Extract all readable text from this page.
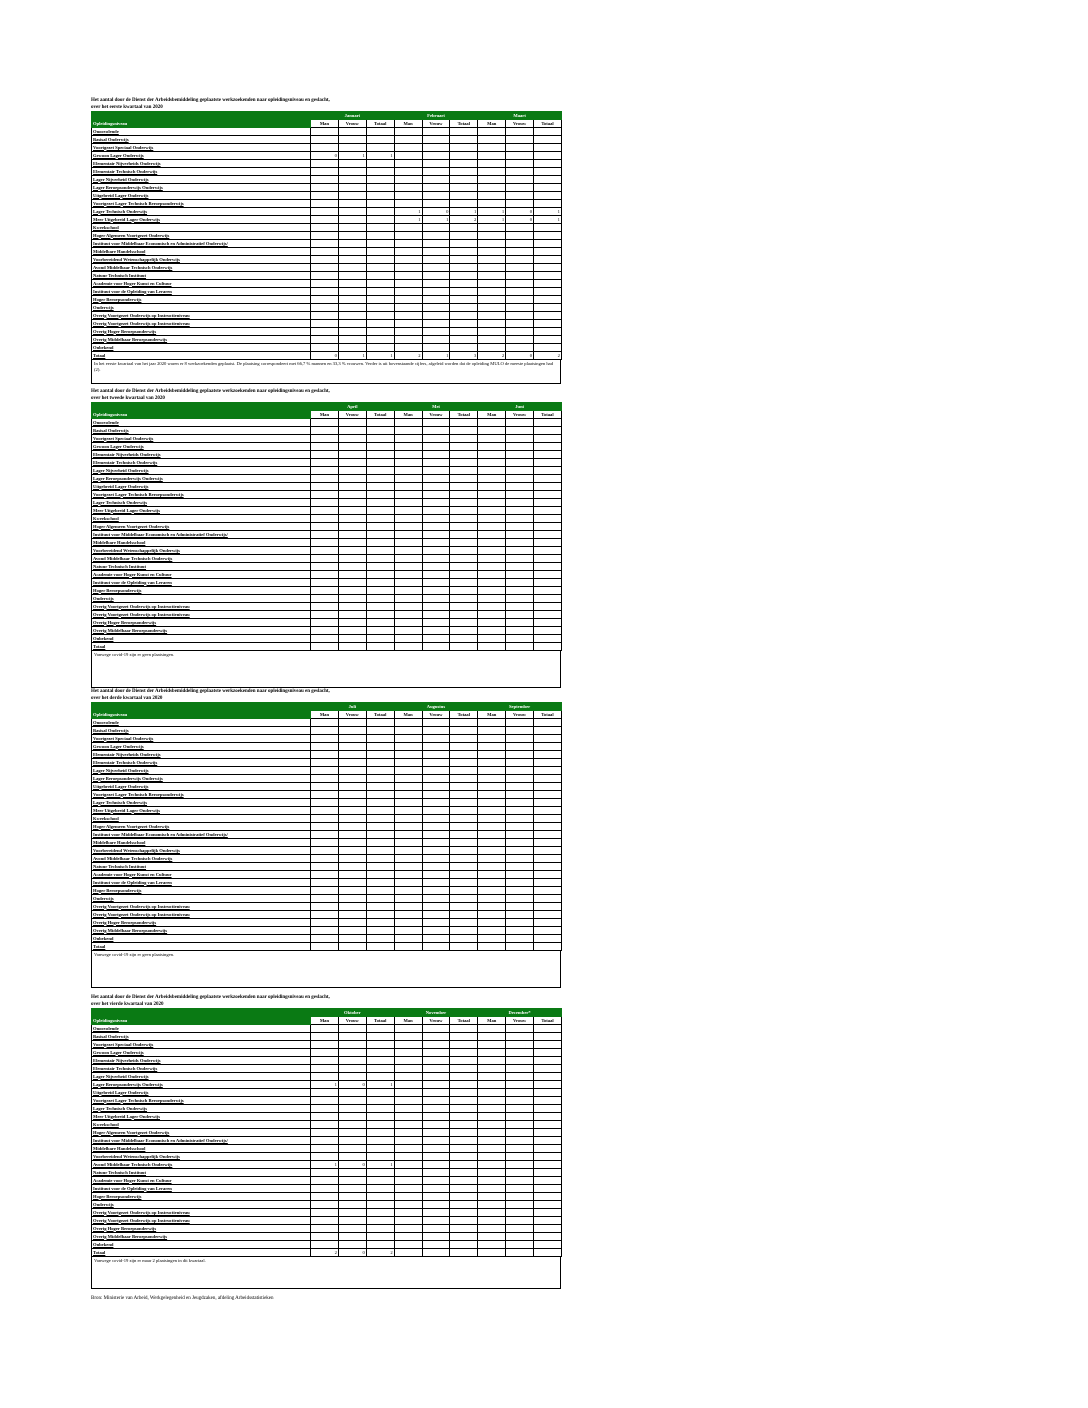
Het aantal door de Dienst der Arbeidsbemiddeling geplaatste werkzoekenden naar opleidingsniveau en geslacht,
over het eerste kwartaal van 2020
	Januari			Februari			Maart		
Opleidingsniveau	Man	Vrouw	Totaal	Man	Vrouw	Totaal	Man	Vrouw	Totaal
Onoovolende									
Basisal Onderwijs									
Voortgezet Speciaal Onderwijs									
Gewoon Lager Onderwijs	0	1	1						
Elementair Nijverheids Onderwijs									
Elementair Technisch Onderwijs									
Lager Nijverheid Onderwijs									
Lager Beroepsonderwijs Onderwijs									
Uitgebreid Lager Onderwijs									
Voortgezet Lager Technisch Beroepsonderwijs									
Lager Technisch Onderwijs				1	0	1	1	0	1
Meer Uitgebreid Lager Onderwijs				1	1	2	1	0	1
Kweekschool									
Hoger Algemeen Voortgezet Onderwijs									
Instituut voor Middelbaar Economisch en Administratief Onderwijs/									
Middelbare Handelsschool									
Voorbereidend Wetenschappelijk Onderwijs									
Avond Middelbaar Technisch Onderwijs									
Natuur Technisch Instituut									
Academie voor Hoger Kunst en Cultuur									
Instituut voor de Opleiding van Leraren									
Hoger Beroepsonderwijs									
Onderwijs									
Overig Voortgezet Onderwijs op Instructieniveau									
Overig Voortgezet Onderwijs op Instructieniveau									
Overig Hoger Beroepsonderwijs									
Overig Middelbaar Beroepsonderwijs									
Onbekend									
Totaal	0	1	1	2	1	3	2	0	2
In het eerste kwartaal van het jaar 2020 waren er 8 werkzoekenden geplaatst. De plaatsing correspondeert met 66,7 % mannen en 33,3 % vrouwen. Verder is uit bovenstaande cijfers, afgeleid worden dat de opleiding MULO de meeste plaatsingen had (2).
Het aantal door de Dienst der Arbeidsbemiddeling geplaatste werkzoekenden naar opleidingsniveau en geslacht,
over het tweede kwartaal van 2020
	April			Mei			Juni		
Opleidingsniveau	Man	Vrouw	Totaal	Man	Vrouw	Totaal	Man	Vrouw	Totaal
Onoovolende									
Basisal Onderwijs									
Voortgezet Speciaal Onderwijs									
Gewoon Lager Onderwijs									
Elementair Nijverheids Onderwijs									
Elementair Technisch Onderwijs									
Lager Nijverheid Onderwijs									
Lager Beroepsonderwijs Onderwijs									
Uitgebreid Lager Onderwijs									
Voortgezet Lager Technisch Beroepsonderwijs									
Lager Technisch Onderwijs									
Meer Uitgebreid Lager Onderwijs									
Kweekschool									
Hoger Algemeen Voortgezet Onderwijs									
Instituut voor Middelbaar Economisch en Administratief Onderwijs/									
Middelbare Handelsschool									
Voorbereidend Wetenschappelijk Onderwijs									
Avond Middelbaar Technisch Onderwijs									
Natuur Technisch Instituut									
Academie voor Hoger Kunst en Cultuur									
Instituut voor de Opleiding van Leraren									
Hoger Beroepsonderwijs									
Onderwijs									
Overig Voortgezet Onderwijs op Instructieniveau									
Overig Voortgezet Onderwijs op Instructieniveau									
Overig Hoger Beroepsonderwijs									
Overig Middelbaar Beroepsonderwijs									
Onbekend									
Totaal									
Vanwege covid-19 zijn er geen plaatsingen.
Het aantal door de Dienst der Arbeidsbemiddeling geplaatste werkzoekenden naar opleidingsniveau en geslacht,
over het derde kwartaal van 2020
	Juli			Augustus			September		
Opleidingsniveau	Man	Vrouw	Totaal	Man	Vrouw	Totaal	Man	Vrouw	Totaal
Onoovolende									
Basisal Onderwijs									
Voortgezet Speciaal Onderwijs									
Gewoon Lager Onderwijs									
Elementair Nijverheids Onderwijs									
Elementair Technisch Onderwijs									
Lager Nijverheid Onderwijs									
Lager Beroepsonderwijs Onderwijs									
Uitgebreid Lager Onderwijs									
Voortgezet Lager Technisch Beroepsonderwijs									
Lager Technisch Onderwijs									
Meer Uitgebreid Lager Onderwijs									
Kweekschool									
Hoger Algemeen Voortgezet Onderwijs									
Instituut voor Middelbaar Economisch en Administratief Onderwijs/									
Middelbare Handelsschool									
Voorbereidend Wetenschappelijk Onderwijs									
Avond Middelbaar Technisch Onderwijs									
Natuur Technisch Instituut									
Academie voor Hoger Kunst en Cultuur									
Instituut voor de Opleiding van Leraren									
Hoger Beroepsonderwijs									
Onderwijs									
Overig Voortgezet Onderwijs op Instructieniveau									
Overig Voortgezet Onderwijs op Instructieniveau									
Overig Hoger Beroepsonderwijs									
Overig Middelbaar Beroepsonderwijs									
Onbekend									
Totaal									
Vanwege covid-19 zijn er geen plaatsingen.
Het aantal door de Dienst der Arbeidsbemiddeling geplaatste werkzoekenden naar opleidingsniveau en geslacht,
over het vierde kwartaal van 2020
	Oktober			November			December*		
Opleidingsniveau	Man	Vrouw	Totaal	Man	Vrouw	Totaal	Man	Vrouw	Totaal
Onoovolende									
Basisal Onderwijs									
Voortgezet Speciaal Onderwijs									
Gewoon Lager Onderwijs									
Elementair Nijverheids Onderwijs									
Elementair Technisch Onderwijs									
Lager Nijverheid Onderwijs									
Lager Beroepsonderwijs Onderwijs	1	0	1						
Uitgebreid Lager Onderwijs									
Voortgezet Lager Technisch Beroepsonderwijs									
Lager Technisch Onderwijs									
Meer Uitgebreid Lager Onderwijs									
Kweekschool									
Hoger Algemeen Voortgezet Onderwijs									
Instituut voor Middelbaar Economisch en Administratief Onderwijs/									
Middelbare Handelsschool									
Voorbereidend Wetenschappelijk Onderwijs									
Avond Middelbaar Technisch Onderwijs	1	0	1						
Natuur Technisch Instituut									
Academie voor Hoger Kunst en Cultuur									
Instituut voor de Opleiding van Leraren									
Hoger Beroepsonderwijs									
Onderwijs									
Overig Voortgezet Onderwijs op Instructieniveau									
Overig Voortgezet Onderwijs op Instructieniveau									
Overig Hoger Beroepsonderwijs									
Overig Middelbaar Beroepsonderwijs									
Onbekend									
Totaal	2	0	2						
Vanwege covid-19 zijn er maar 2 plaatsingen in dit kwartaal.
Bron: Ministerie van Arbeid, Werkgelegenheid en Jeugdzaken, afdeling Arbeidsstatistieken
